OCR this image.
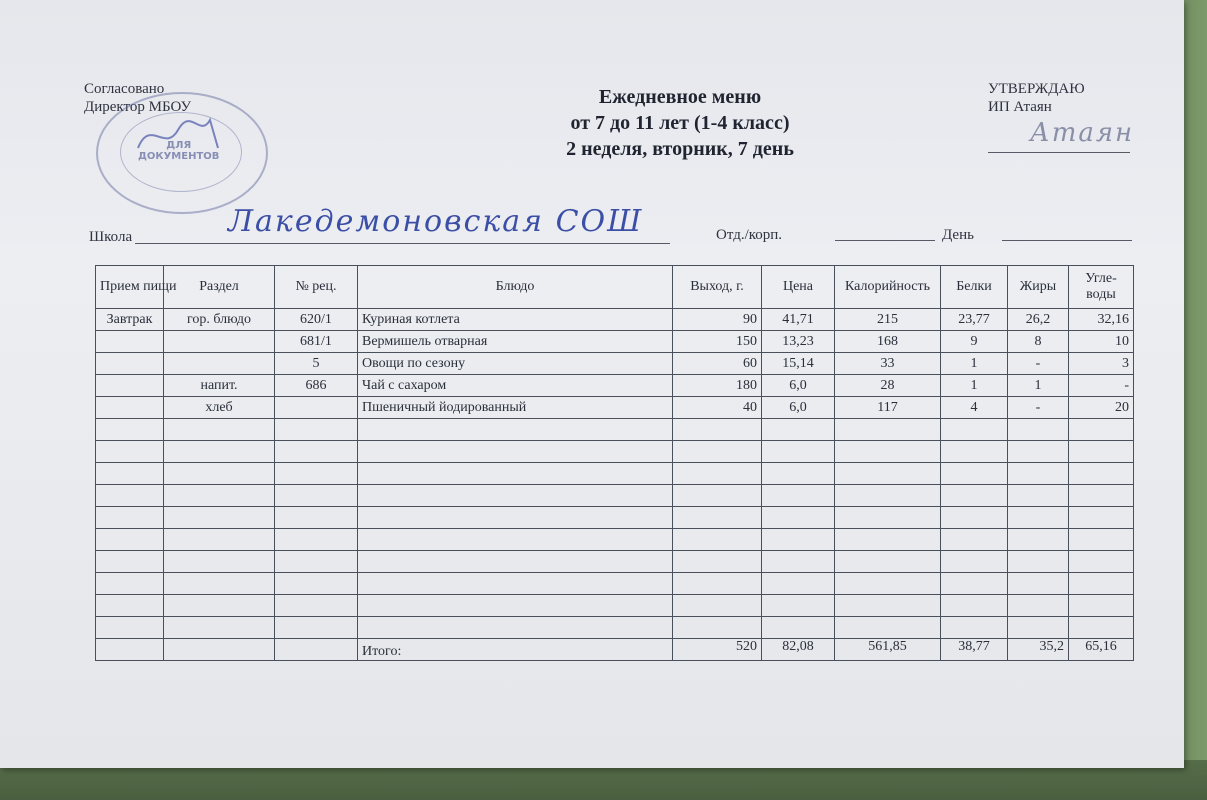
Согласовано
Директор МБОУ
ДЛЯ
ДОКУМЕНТОВ
Ежедневное меню
от 7 до 11 лет (1-4 класс)
2 неделя, вторник, 7 день
УТВЕРЖДАЮ
ИП Атаян
Атаян
Школа	Лакедемоновская СОШ	Отд./корп.	День
Прием пищи	Раздел	№ рец.	Блюдо	Выход, г.	Цена	Калорийность	Белки	Жиры	Угле-воды
Завтрак	гор. блюдо	620/1	Куриная котлета	90	41,71	215	23,77	26,2	32,16
		681/1	Вермишель отварная	150	13,23	168	9	8	10
		5	Овощи по сезону	60	15,14	33	1	-	3
	напит.	686	Чай с сахаром	180	6,0	28	1	1	-
	хлеб		Пшеничный йодированный	40	6,0	117	4	-	20

			Итого:	520	82,08	561,85	38,77	35,2	65,16
